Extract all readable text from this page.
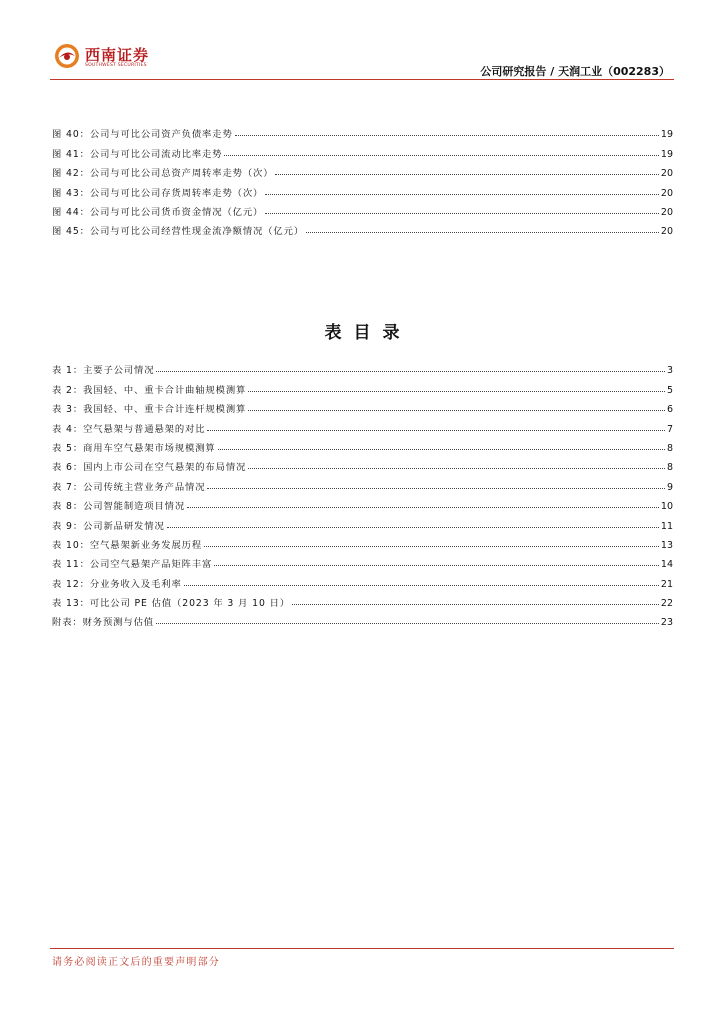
西南证券
SOUTHWEST SECURITIES	公司研究报告 / 天润工业（002283）
图 40：公司与可比公司资产负债率走势	19
图 41：公司与可比公司流动比率走势	19
图 42：公司与可比公司总资产周转率走势（次）	20
图 43：公司与可比公司存货周转率走势（次）	20
图 44：公司与可比公司货币资金情况（亿元）	20
图 45：公司与可比公司经营性现金流净额情况（亿元）	20
表目录
表 1：主要子公司情况	3
表 2：我国轻、中、重卡合计曲轴规模测算	5
表 3：我国轻、中、重卡合计连杆规模测算	6
表 4：空气悬架与普通悬架的对比	7
表 5：商用车空气悬架市场规模测算	8
表 6：国内上市公司在空气悬架的布局情况	8
表 7：公司传统主营业务产品情况	9
表 8：公司智能制造项目情况	10
表 9：公司新品研发情况	11
表 10：空气悬架新业务发展历程	13
表 11：公司空气悬架产品矩阵丰富	14
表 12：分业务收入及毛利率	21
表 13：可比公司 PE 估值（2023 年 3 月 10 日）	22
附表：财务预测与估值	23
请务必阅读正文后的重要声明部分
